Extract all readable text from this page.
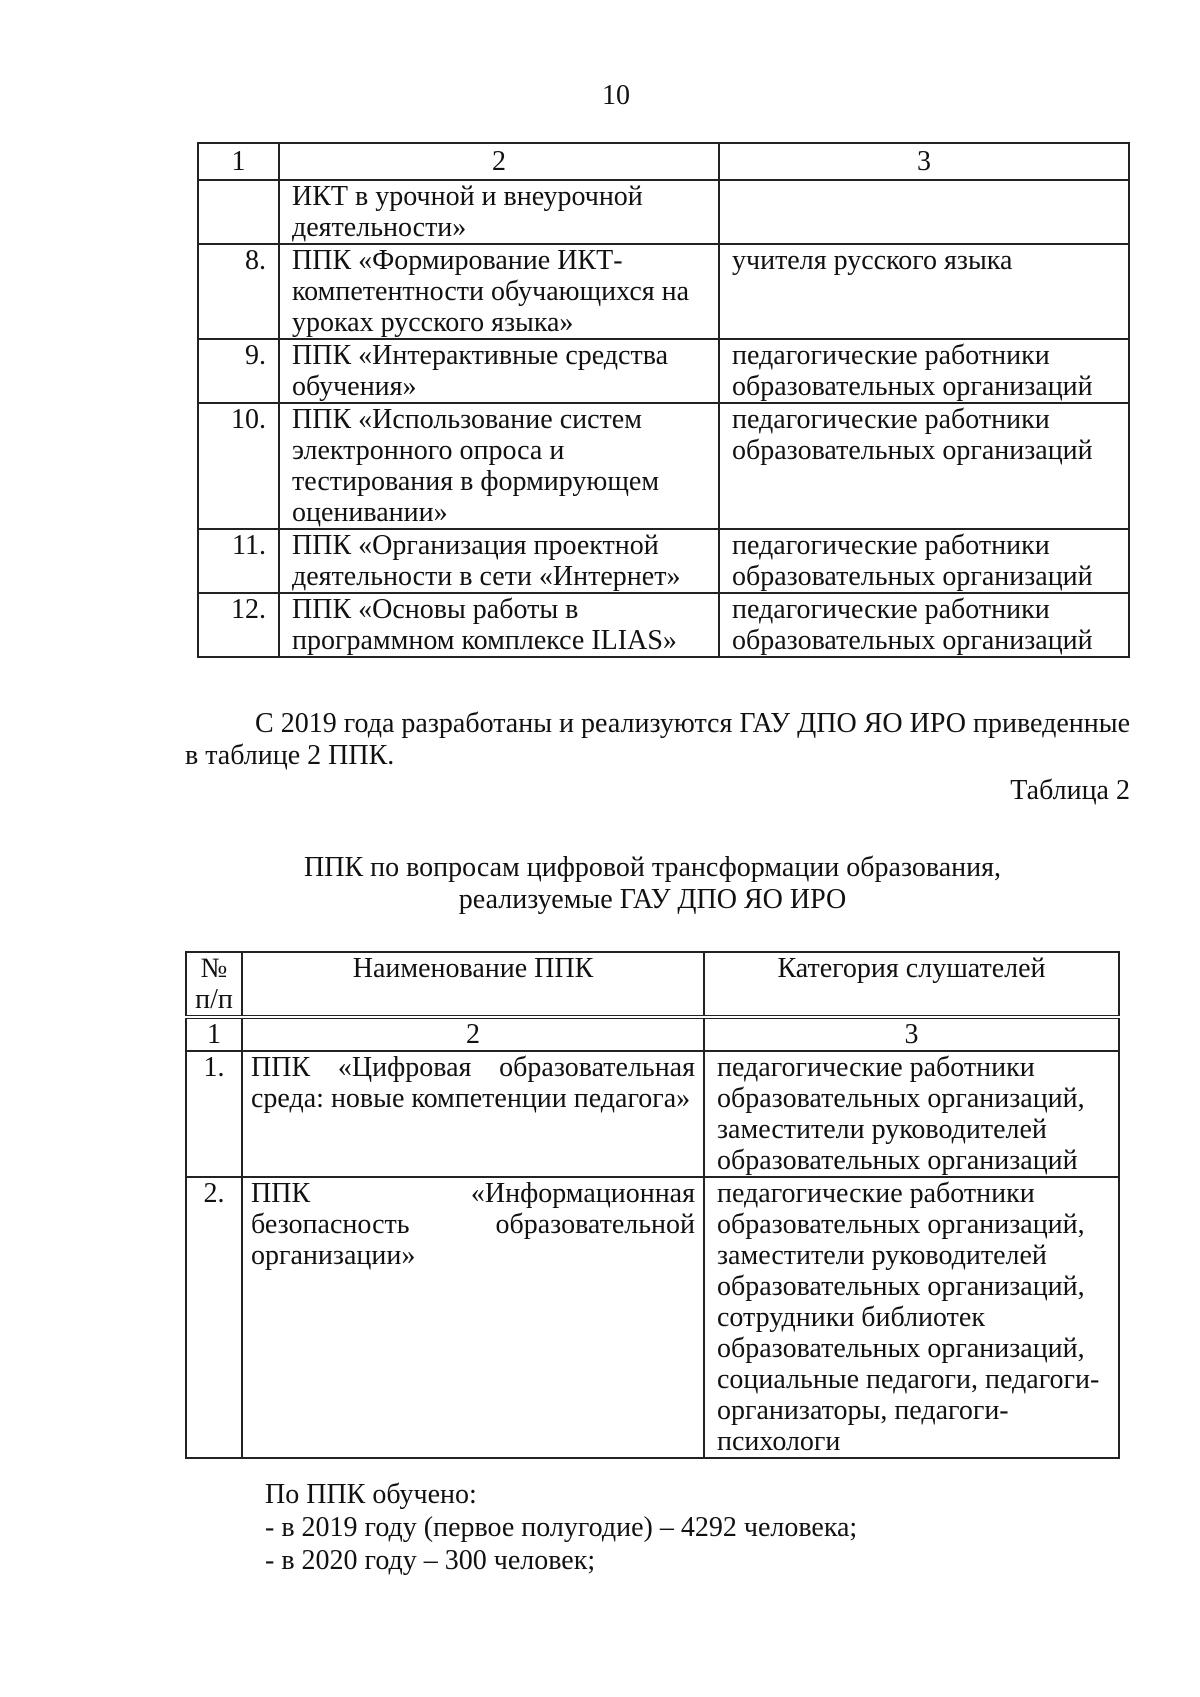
10
1	2	3
	ИКТ в урочной и внеурочной деятельности»	
8.	ППК «Формирование ИКТ-компетентности обучающихся на уроках русского языка»	учителя русского языка
9.	ППК «Интерактивные средства обучения»	педагогические работники образовательных организаций
10.	ППК «Использование систем электронного опроса и тестирования в формирующем оценивании»	педагогические работники образовательных организаций
11.	ППК «Организация проектной деятельности в сети «Интернет»	педагогические работники образовательных организаций
12.	ППК «Основы работы в программном комплексе ILIAS»	педагогические работники образовательных организаций
С 2019 года разработаны и реализуются ГАУ ДПО ЯО ИРО приведенные в таблице 2 ППК.
Таблица 2
ППК по вопросам цифровой трансформации образования,
реализуемые ГАУ ДПО ЯО ИРО
№ п/п	Наименование ППК	Категория слушателей
1	2	3
1.	ППК «Цифровая образовательная среда: новые компетенции педагога»	педагогические работники образовательных организаций, заместители руководителей образовательных организаций
2.	ППК «Информационная безопасность образовательной организации»	педагогические работники образовательных организаций, заместители руководителей образовательных организаций, сотрудники библиотек образовательных организаций, социальные педагоги, педагоги-организаторы, педагоги-психологи
По ППК обучено:
- в 2019 году (первое полугодие) – 4292 человека;
- в 2020 году – 300 человек;
